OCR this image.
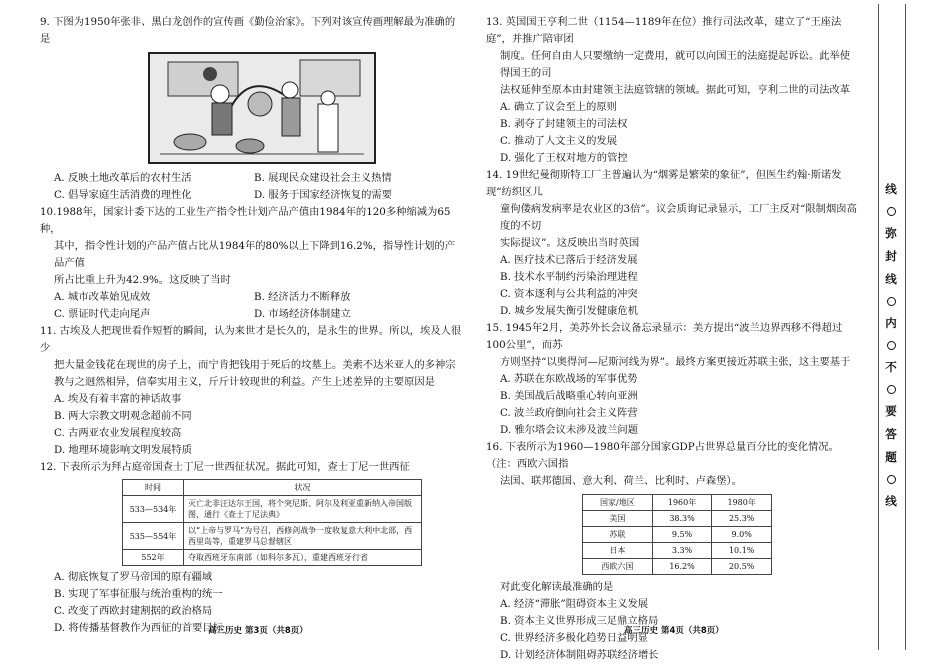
9. 下图为1950年张非、黑白龙创作的宣传画《勤俭治家》。下列对该宣传画理解最为准确的是

A. 反映土地改革后的农村生活	B. 展现民众建设社会主义热情
C. 倡导家庭生活消费的理性化	D. 服务于国家经济恢复的需要

10.1988年，国家计委下达的工业生产指令性计划产品产值由1984年的120多种缩减为65种，

其中，指令性计划的产品产值占比从1984年的80%以上下降到16.2%，指导性计划的产品产值

所占比重上升为42.9%。这反映了当时

A. 城市改革始见成效	B. 经济活力不断释放
C. 票证时代走向尾声	D. 市场经济体制建立

11. 古埃及人把现世看作短暂的瞬间，认为来世才是长久的，是永生的世界。所以，埃及人很少

把大量金钱花在现世的房子上，而宁肯把钱用于死后的坟墓上。美索不达米亚人的多神宗

教与之迥然相异，信奉实用主义，斤斤计较现世的利益。产生上述差异的主要原因是

A. 埃及有着丰富的神话故事

B. 两大宗教文明观念超前不同

C. 古两亚农业发展程度较高

D. 地理环境影响文明发展特质

12. 下表所示为拜占庭帝国查士丁尼一世西征状况。据此可知，查士丁尼一世西征

时间	状况
533—534年	灭亡北非汪达尔王国，将个突尼斯、阿尔及利亚重新纳入帝国版图，通行《查士丁尼法典》
535—554年	以“上帝与罗马”为号召，西修剑战争一度收复意大利中北部，西西里岛等，重建罗马总督辖区
552年	夺取西班牙东南部（如科尔多瓦），重建西班牙行省

A. 彻底恢复了罗马帝国的原有疆域

B. 实现了军事征服与统治重构的统一

C. 改变了西欧封建割据的政治格局

D. 将传播基督教作为西征的首要目标

13. 英国国王亨利二世（1154—1189年在位）推行司法改革，建立了“王座法庭”，并推广陪审团

制度。任何自由人只要缴纳一定费用，就可以向国王的法庭提起诉讼。此举使得国王的司

法权延伸至原本由封建领主法庭管辖的领域。据此可知，亨利二世的司法改革

A. 确立了议会至上的原则

B. 剥夺了封建领主的司法权

C. 推动了人文主义的发展

D. 强化了王权对地方的管控

14. 19世纪曼彻斯特工厂主普遍认为“烟雾是繁荣的象征”，但医生约翰·斯诺发现“纺织区儿

童佝偻病发病率是农业区的3倍”。议会质询记录显示，工厂主反对“限制烟囱高度的不切

实际提议”。这反映出当时英国

A. 医疗技术已落后于经济发展

B. 技术水平制约污染治理进程

C. 资本逐利与公共利益的冲突

D. 城乡发展失衡引发健康危机

15. 1945年2月，美苏外长会议备忘录显示：美方提出“波兰边界西移不得超过100公里”，而苏

方则坚持“以奥得河—尼斯河线为界”。最终方案更接近苏联主张，这主要基于

A. 苏联在东欧战场的军事优势

B. 美国战后战略重心转向亚洲

C. 波兰政府倒向社会主义阵营

D. 雅尔塔会议未涉及波兰问题

16. 下表所示为1960—1980年部分国家GDP占世界总量百分比的变化情况。（注：西欧六国指

法国、联邦德国、意大利、荷兰、比利时、卢森堡）。

国家/地区	1960年	1980年
美国	38.3%	25.3%
苏联	9.5%	9.0%
日本	3.3%	10.1%
西欧六国	16.2%	20.5%

对此变化解读最准确的是

A. 经济“滞胀”阻碍资本主义发展

B. 资本主义世界形成三足鼎立格局

C. 世界经济多极化趋势日益明显

D. 计划经济体制阻碍苏联经济增长

高三历史 第3页（共8页）	高三历史 第4页（共8页）
线
弥
封
线
内
不
要
答
题
线
